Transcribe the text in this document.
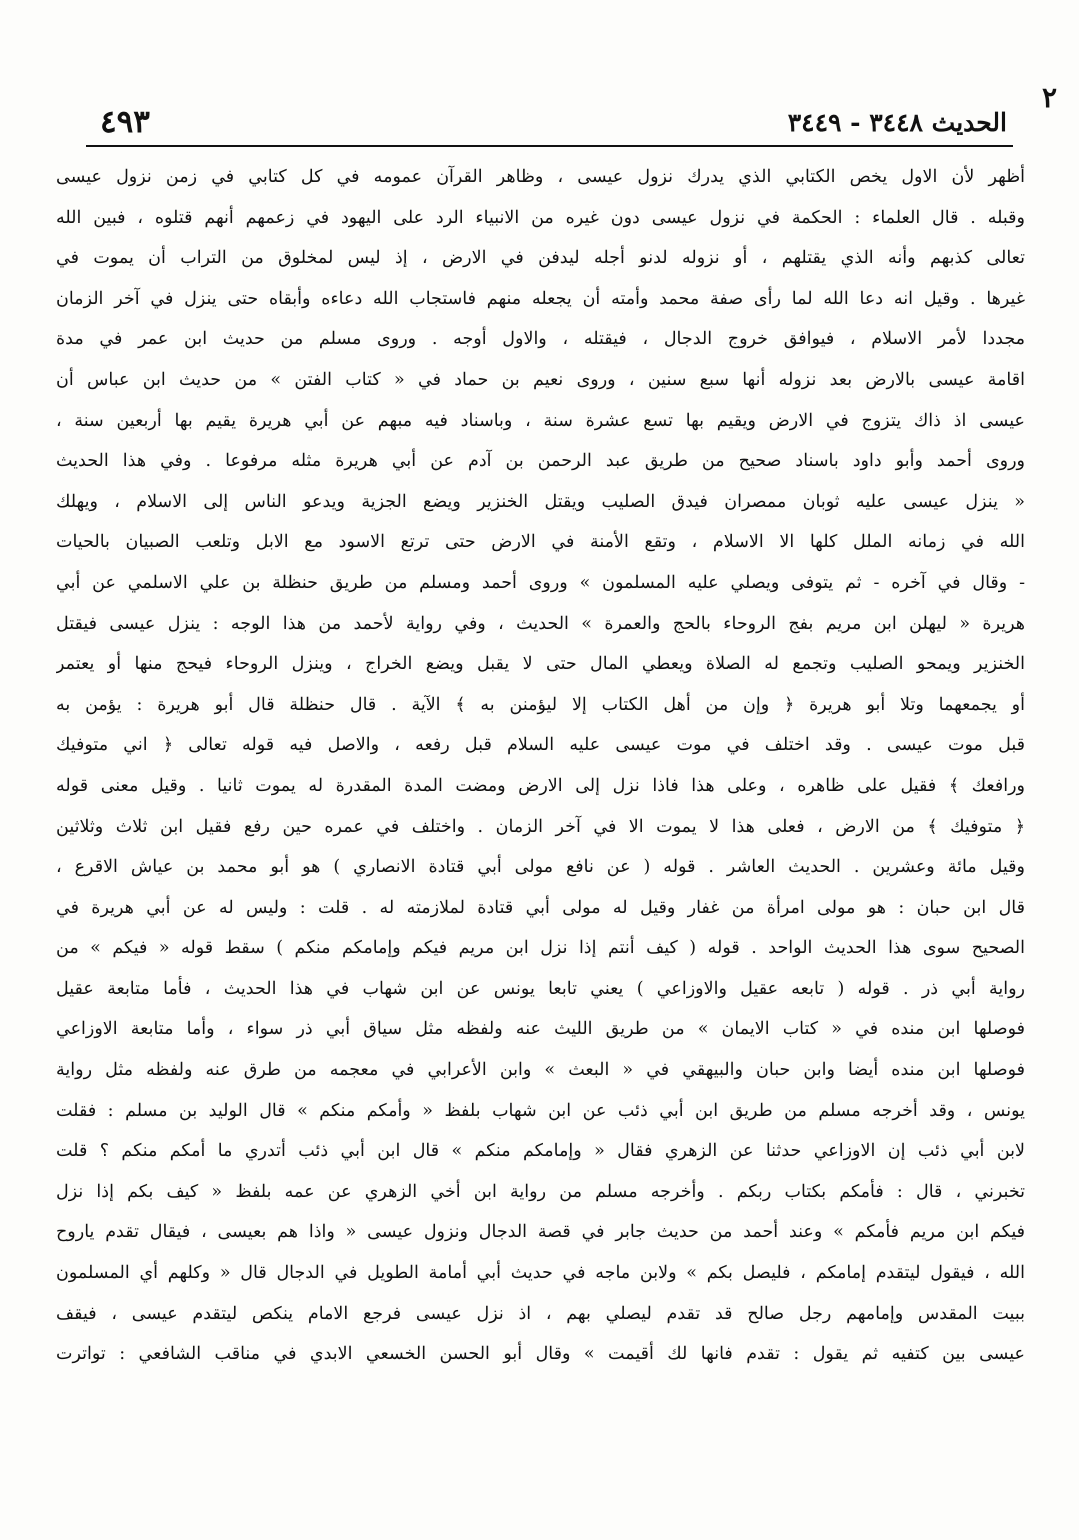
٢
الحديث ٣٤٤٨ - ٣٤٤٩
٤٩٣
أظهر لأن الاول يخص الكتابي الذي يدرك نزول عيسى ، وظاهر القرآن عمومه في كل كتابي في زمن نزول عيسى
وقبله . قال العلماء : الحكمة في نزول عيسى دون غيره من الانبياء الرد على اليهود في زعمهم أنهم قتلوه ، فبين الله
تعالى كذبهم وأنه الذي يقتلهم ، أو نزوله لدنو أجله ليدفن في الارض ، إذ ليس لمخلوق من التراب أن يموت في
غيرها . وقيل انه دعا الله لما رأى صفة محمد وأمته أن يجعله منهم فاستجاب الله دعاءه وأبقاه حتى ينزل في آخر الزمان
مجددا لأمر الاسلام ، فيوافق خروج الدجال ، فيقتله ، والاول أوجه . وروى مسلم من حديث ابن عمر في مدة
اقامة عيسى بالارض بعد نزوله أنها سبع سنين ، وروى نعيم بن حماد في « كتاب الفتن » من حديث ابن عباس أن
عيسى اذ ذاك يتزوج في الارض ويقيم بها تسع عشرة سنة ، وباسناد فيه مبهم عن أبي هريرة يقيم بها أربعين سنة ،
وروى أحمد وأبو داود باسناد صحيح من طريق عبد الرحمن بن آدم عن أبي هريرة مثله مرفوعا . وفي هذا الحديث
« ينزل عيسى عليه ثوبان ممصران فيدق الصليب ويقتل الخنزير ويضع الجزية ويدعو الناس إلى الاسلام ، ويهلك
الله في زمانه الملل كلها الا الاسلام ، وتقع الأمنة في الارض حتى ترتع الاسود مع الابل وتلعب الصبيان بالحيات
- وقال في آخره - ثم يتوفى ويصلي عليه المسلمون » وروى أحمد ومسلم من طريق حنظلة بن علي الاسلمي عن أبي
هريرة « ليهلن ابن مريم بفج الروحاء بالحج والعمرة » الحديث ، وفي رواية لأحمد من هذا الوجه : ينزل عيسى فيقتل
الخنزير ويمحو الصليب وتجمع له الصلاة ويعطي المال حتى لا يقبل ويضع الخراج ، وينزل الروحاء فيحج منها أو يعتمر
أو يجمعهما وتلا أبو هريرة ﴿ وإن من أهل الكتاب إلا ليؤمنن به ﴾ الآية . قال حنظلة قال أبو هريرة : يؤمن به
قبل موت عيسى . وقد اختلف في موت عيسى عليه السلام قبل رفعه ، والاصل فيه قوله تعالى ﴿ اني متوفيك
ورافعك ﴾ فقيل على ظاهره ، وعلى هذا فاذا نزل إلى الارض ومضت المدة المقدرة له يموت ثانيا . وقيل معنى قوله
﴿ متوفيك ﴾ من الارض ، فعلى هذا لا يموت الا في آخر الزمان . واختلف في عمره حين رفع فقيل ابن ثلاث وثلاثين
وقيل مائة وعشرين . الحديث العاشر . قوله ( عن نافع مولى أبي قتادة الانصاري ) هو أبو محمد بن عياش الاقرع ،
قال ابن حبان : هو مولى امرأة من غفار وقيل له مولى أبي قتادة لملازمته له . قلت : وليس له عن أبي هريرة في
الصحيح سوى هذا الحديث الواحد . قوله ( كيف أنتم إذا نزل ابن مريم فيكم وإمامكم منكم ) سقط قوله « فيكم » من
رواية أبي ذر . قوله ( تابعه عقيل والاوزاعي ) يعني تابعا يونس عن ابن شهاب في هذا الحديث ، فأما متابعة عقيل
فوصلها ابن منده في « كتاب الايمان » من طريق الليث عنه ولفظه مثل سياق أبي ذر سواء ، وأما متابعة الاوزاعي
فوصلها ابن منده أيضا وابن حبان والبيهقي في « البعث » وابن الأعرابي في معجمه من طرق عنه ولفظه مثل رواية
يونس ، وقد أخرجه مسلم من طريق ابن أبي ذئب عن ابن شهاب بلفظ « وأمكم منكم » قال الوليد بن مسلم : فقلت
لابن أبي ذئب إن الاوزاعي حدثنا عن الزهري فقال « وإمامكم منكم » قال ابن أبي ذئب أتدري ما أمكم منكم ؟ قلت
تخبرني ، قال : فأمكم بكتاب ربكم . وأخرجه مسلم من رواية ابن أخي الزهري عن عمه بلفظ « كيف بكم إذا نزل
فيكم ابن مريم فأمكم » وعند أحمد من حديث جابر في قصة الدجال ونزول عيسى « واذا هم بعيسى ، فيقال تقدم ياروح
الله ، فيقول ليتقدم إمامكم ، فليصل بكم » ولابن ماجه في حديث أبي أمامة الطويل في الدجال قال « وكلهم أي المسلمون
ببيت المقدس وإمامهم رجل صالح قد تقدم ليصلي بهم ، اذ نزل عيسى فرجع الامام ينكص ليتقدم عيسى ، فيقف
عيسى بين كتفيه ثم يقول : تقدم فانها لك أقيمت » وقال أبو الحسن الخسعي الابدي في مناقب الشافعي : تواترت
